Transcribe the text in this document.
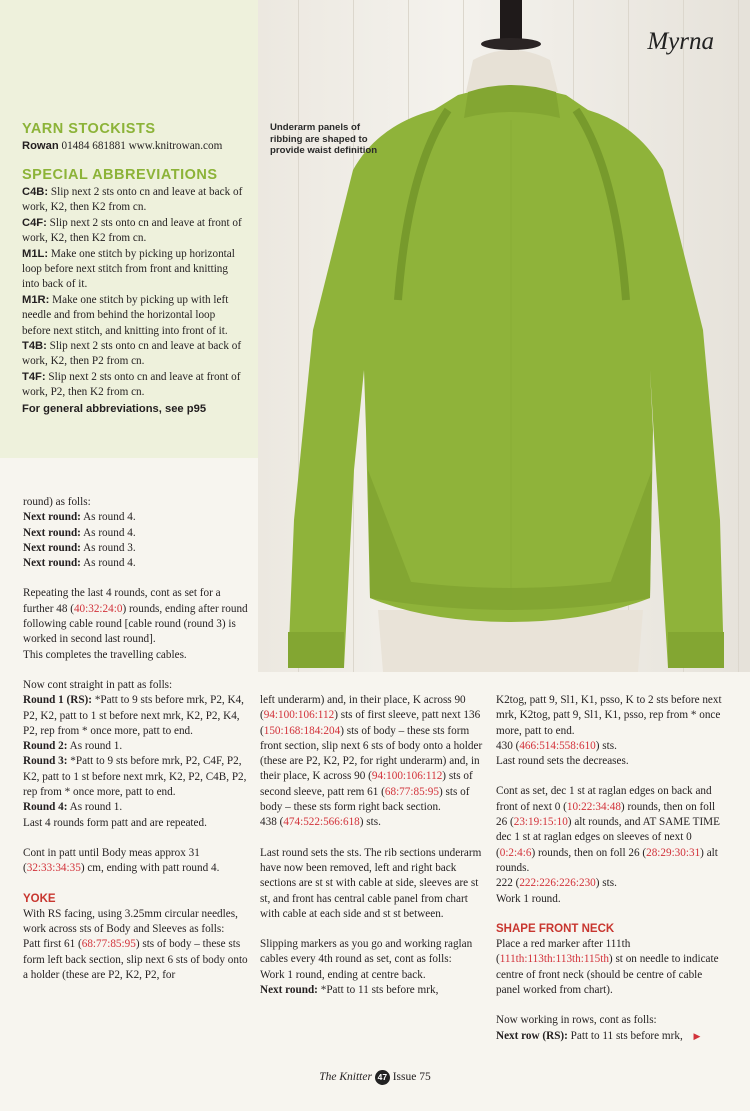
YARN STOCKISTS
Rowan 01484 681881 www.knitrowan.com
SPECIAL ABBREVIATIONS

C4B: Slip next 2 sts onto cn and leave at back of work, K2, then K2 from cn.

C4F: Slip next 2 sts onto cn and leave at front of work, K2, then K2 from cn.

M1L: Make one stitch by picking up horizontal loop before next stitch from front and knitting into back of it.

M1R: Make one stitch by picking up with left needle and from behind the horizontal loop before next stitch, and knitting into front of it.

T4B: Slip next 2 sts onto cn and leave at back of work, K2, then P2 from cn.

T4F: Slip next 2 sts onto cn and leave at front of work, P2, then K2 from cn.

For general abbreviations, see p95

Myrna
Underarm panels of ribbing are shaped to provide waist definition

round) as folls:

Next round: As round 4.

Next round: As round 4.

Next round: As round 3.

Next round: As round 4.

Repeating the last 4 rounds, cont as set for a further 48 (40:32:24:0) rounds, ending after round following cable round [cable round (round 3) is worked in second last round].

This completes the travelling cables.

Now cont straight in patt as folls:

Round 1 (RS): *Patt to 9 sts before mrk, P2, K4, P2, K2, patt to 1 st before next mrk, K2, P2, K4, P2, rep from * once more, patt to end.

Round 2: As round 1.

Round 3: *Patt to 9 sts before mrk, P2, C4F, P2, K2, patt to 1 st before next mrk, K2, P2, C4B, P2, rep from * once more, patt to end.

Round 4: As round 1.

Last 4 rounds form patt and are repeated.

Cont in patt until Body meas approx 31 (32:33:34:35) cm, ending with patt round 4.

YOKE

With RS facing, using 3.25mm circular needles, work across sts of Body and Sleeves as folls:

Patt first 61 (68:77:85:95) sts of body – these sts form left back section, slip next 6 sts of body onto a holder (these are P2, K2, P2, for

left underarm) and, in their place, K across 90 (94:100:106:112) sts of first sleeve, patt next 136 (150:168:184:204) sts of body – these sts form front section, slip next 6 sts of body onto a holder (these are P2, K2, P2, for right underarm) and, in their place, K across 90 (94:100:106:112) sts of second sleeve, patt rem 61 (68:77:85:95) sts of body – these sts form right back section.

438 (474:522:566:618) sts.

Last round sets the sts. The rib sections underarm have now been removed, left and right back sections are st st with cable at side, sleeves are st st, and front has central cable panel from chart with cable at each side and st st between.

Slipping markers as you go and working raglan cables every 4th round as set, cont as folls:

Work 1 round, ending at centre back.

Next round: *Patt to 11 sts before mrk,

K2tog, patt 9, Sl1, K1, psso, K to 2 sts before next mrk, K2tog, patt 9, Sl1, K1, psso, rep from * once more, patt to end.

430 (466:514:558:610) sts.

Last round sets the decreases.

Cont as set, dec 1 st at raglan edges on back and front of next 0 (10:22:34:48) rounds, then on foll 26 (23:19:15:10) alt rounds, and AT SAME TIME dec 1 st at raglan edges on sleeves of next 0 (0:2:4:6) rounds, then on foll 26 (28:29:30:31) alt rounds.

222 (222:226:226:230) sts.

Work 1 round.

SHAPE FRONT NECK

Place a red marker after 111th (111th:113th:113th:115th) st on needle to indicate centre of front neck (should be centre of cable panel worked from chart).

Now working in rows, cont as folls:

Next row (RS): Patt to 11 sts before mrk, ▶

The Knitter 47 Issue 75
